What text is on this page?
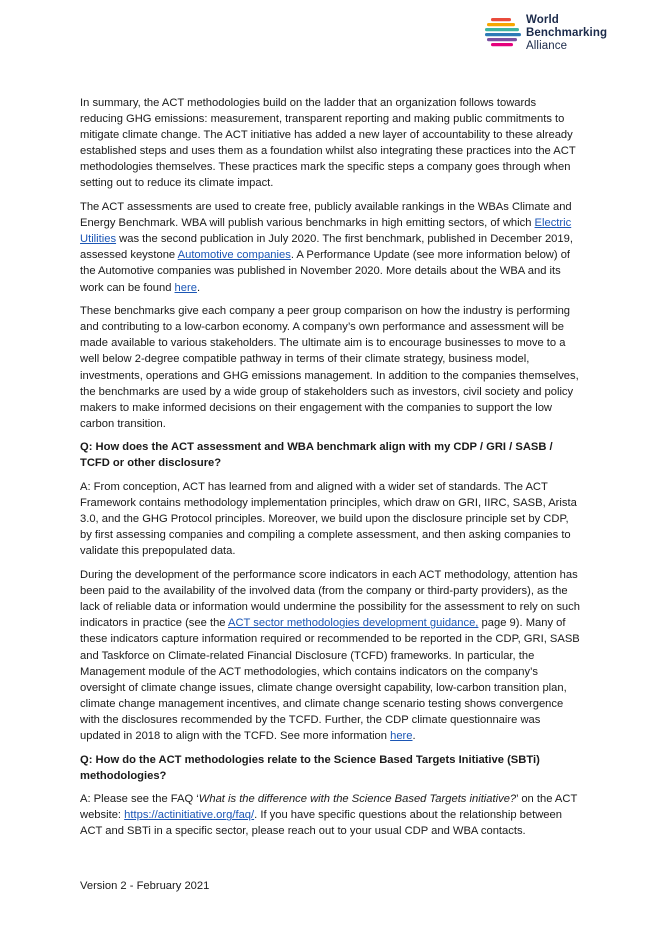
World
Benchmarking
Alliance

In summary, the ACT methodologies build on the ladder that an organization follows towards reducing GHG emissions: measurement, transparent reporting and making public commitments to mitigate climate change. The ACT initiative has added a new layer of accountability to these already established steps and uses them as a foundation whilst also integrating these practices into the ACT methodologies themselves. These practices mark the specific steps a company goes through when setting out to reduce its climate impact.

The ACT assessments are used to create free, publicly available rankings in the WBAs Climate and Energy Benchmark. WBA will publish various benchmarks in high emitting sectors, of which Electric Utilities was the second publication in July 2020. The first benchmark, published in December 2019, assessed keystone Automotive companies. A Performance Update (see more information below) of the Automotive companies was published in November 2020. More details about the WBA and its work can be found here.

These benchmarks give each company a peer group comparison on how the industry is performing and contributing to a low-carbon economy. A company’s own performance and assessment will be made available to various stakeholders. The ultimate aim is to encourage businesses to move to a well below 2-degree compatible pathway in terms of their climate strategy, business model, investments, operations and GHG emissions management. In addition to the companies themselves, the benchmarks are used by a wide group of stakeholders such as investors, civil society and policy makers to make informed decisions on their engagement with the companies to support the low carbon transition.

Q: How does the ACT assessment and WBA benchmark align with my CDP / GRI / SASB / TCFD or other disclosure?

A: From conception, ACT has learned from and aligned with a wider set of standards. The ACT Framework contains methodology implementation principles, which draw on GRI, IIRC, SASB, Arista 3.0, and the GHG Protocol principles. Moreover, we build upon the disclosure principle set by CDP, by first assessing companies and compiling a complete assessment, and then asking companies to validate this prepopulated data.

During the development of the performance score indicators in each ACT methodology, attention has been paid to the availability of the involved data (from the company or third-party providers), as the lack of reliable data or information would undermine the possibility for the assessment to rely on such indicators in practice (see the ACT sector methodologies development guidance, page 9). Many of these indicators capture information required or recommended to be reported in the CDP, GRI, SASB and Taskforce on Climate-related Financial Disclosure (TCFD) frameworks. In particular, the Management module of the ACT methodologies, which contains indicators on the company’s oversight of climate change issues, climate change oversight capability, low-carbon transition plan, climate change management incentives, and climate change scenario testing shows convergence with the disclosures recommended by the TCFD. Further, the CDP climate questionnaire was updated in 2018 to align with the TCFD. See more information here.

Q: How do the ACT methodologies relate to the Science Based Targets Initiative (SBTi) methodologies?

A: Please see the FAQ ‘What is the difference with the Science Based Targets initiative?’ on the ACT website: https://actinitiative.org/faq/. If you have specific questions about the relationship between ACT and SBTi in a specific sector, please reach out to your usual CDP and WBA contacts.

Version 2 - February 2021
